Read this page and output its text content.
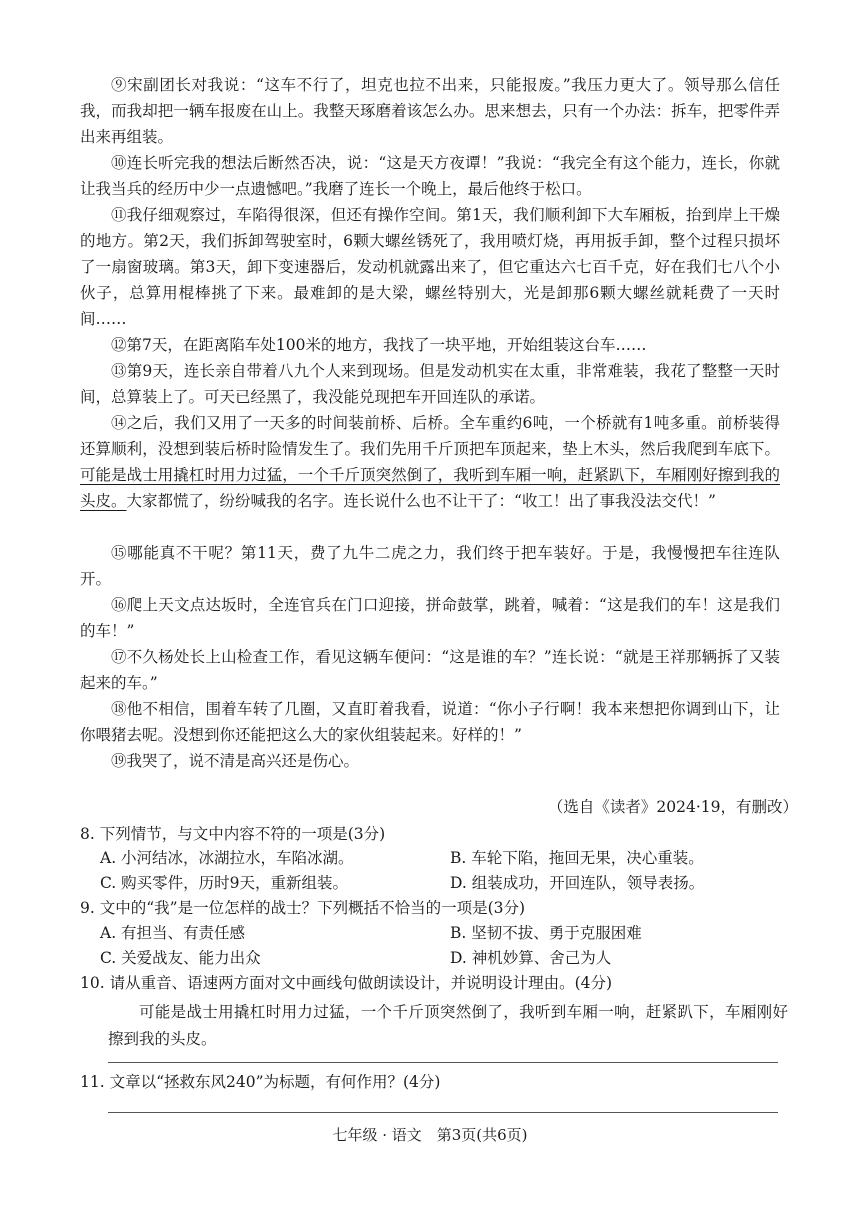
⑨宋副团长对我说：“这车不行了，坦克也拉不出来，只能报废。”我压力更大了。领导那么信任我，而我却把一辆车报废在山上。我整天琢磨着该怎么办。思来想去，只有一个办法：拆车，把零件弄出来再组装。

⑩连长听完我的想法后断然否决，说：“这是天方夜谭！”我说：“我完全有这个能力，连长，你就让我当兵的经历中少一点遗憾吧。”我磨了连长一个晚上，最后他终于松口。

⑪我仔细观察过，车陷得很深，但还有操作空间。第1天，我们顺利卸下大车厢板，抬到岸上干燥的地方。第2天，我们拆卸驾驶室时，6颗大螺丝锈死了，我用喷灯烧，再用扳手卸，整个过程只损坏了一扇窗玻璃。第3天，卸下变速器后，发动机就露出来了，但它重达六七百千克，好在我们七八个小伙子，总算用棍棒挑了下来。最难卸的是大梁，螺丝特别大，光是卸那6颗大螺丝就耗费了一天时间……

⑫第7天，在距离陷车处100米的地方，我找了一块平地，开始组装这台车……

⑬第9天，连长亲自带着八九个人来到现场。但是发动机实在太重，非常难装，我花了整整一天时间，总算装上了。可天已经黑了，我没能兑现把车开回连队的承诺。

⑭之后，我们又用了一天多的时间装前桥、后桥。全车重约6吨，一个桥就有1吨多重。前桥装得还算顺利，没想到装后桥时险情发生了。我们先用千斤顶把车顶起来，垫上木头，然后我爬到车底下。可能是战士用撬杠时用力过猛，一个千斤顶突然倒了，我听到车厢一响，赶紧趴下，车厢刚好擦到我的头皮。大家都慌了，纷纷喊我的名字。连长说什么也不让干了：“收工！出了事我没法交代！”

⑮哪能真不干呢？第11天，费了九牛二虎之力，我们终于把车装好。于是，我慢慢把车往连队开。

⑯爬上天文点达坂时，全连官兵在门口迎接，拼命鼓掌，跳着，喊着：“这是我们的车！这是我们的车！”

⑰不久杨处长上山检查工作，看见这辆车便问：“这是谁的车？”连长说：“就是王祥那辆拆了又装起来的车。”

⑱他不相信，围着车转了几圈，又直盯着我看，说道：“你小子行啊！我本来想把你调到山下，让你喂猪去呢。没想到你还能把这么大的家伙组装起来。好样的！”

⑲我哭了，说不清是高兴还是伤心。

（选自《读者》2024·19，有删改）

8. 下列情节，与文中内容不符的一项是(3分)

A. 小河结冰，冰湖拉水，车陷冰湖。	B. 车轮下陷，拖回无果，决心重装。
C. 购买零件，历时9天，重新组装。	D. 组装成功，开回连队，领导表扬。

9. 文中的“我”是一位怎样的战士？下列概括不恰当的一项是(3分)

A. 有担当、有责任感	B. 坚韧不拔、勇于克服困难
C. 关爱战友、能力出众	D. 神机妙算、舍己为人

10. 请从重音、语速两方面对文中画线句做朗读设计，并说明设计理由。(4分)

可能是战士用撬杠时用力过猛，一个千斤顶突然倒了，我听到车厢一响，赶紧趴下，车厢刚好擦到我的头皮。

11. 文章以“拯救东风240”为标题，有何作用？(4分)

七年级 · 语文　第3页(共6页)
